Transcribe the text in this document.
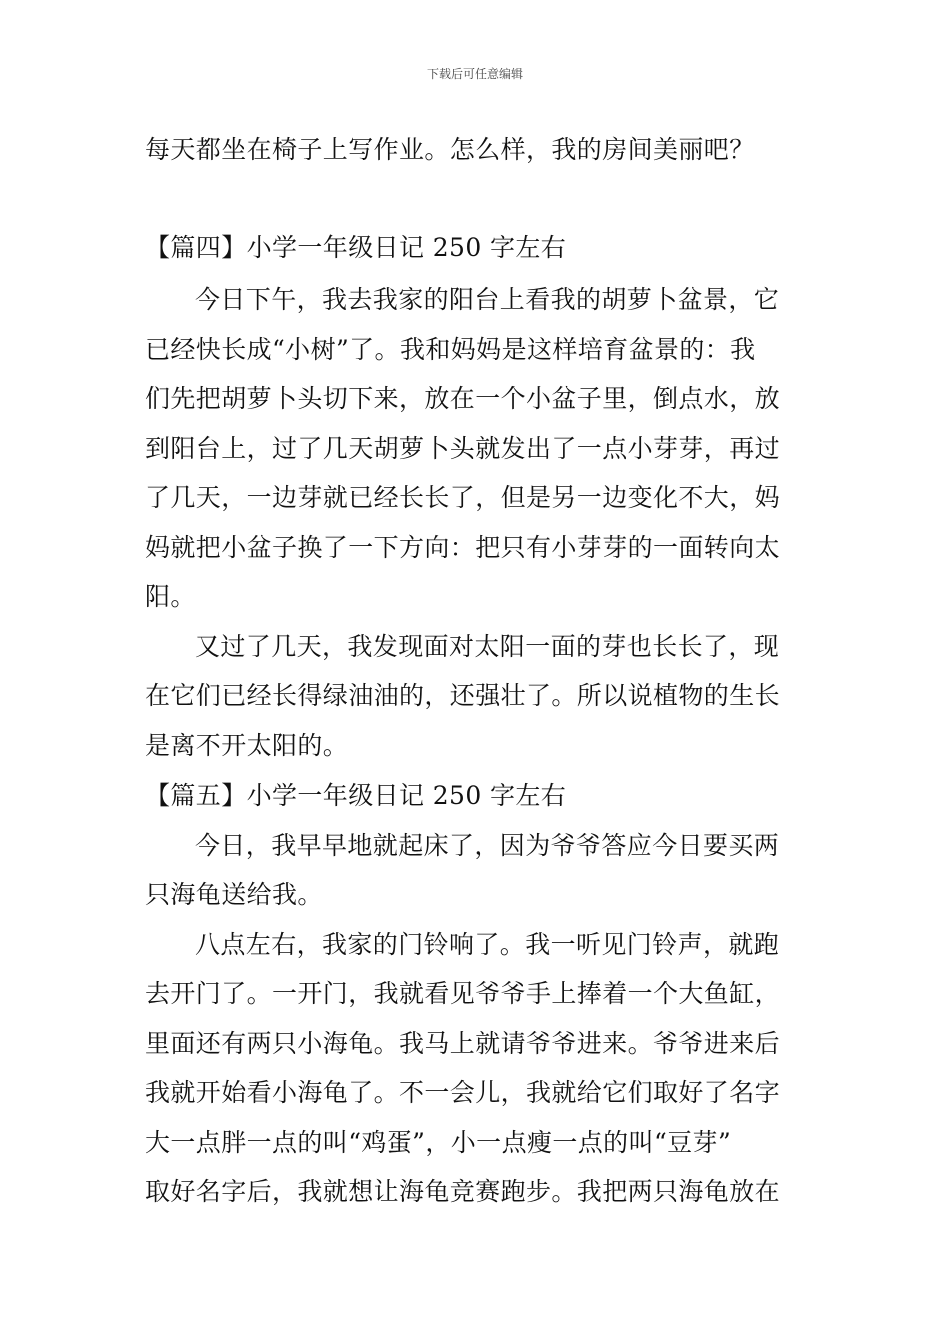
下载后可任意编辑
每天都坐在椅子上写作业。怎么样，我的房间美丽吧？
【篇四】小学一年级日记 250 字左右
今日下午，我去我家的阳台上看我的胡萝卜盆景，它
已经快长成“小树”了。我和妈妈是这样培育盆景的：我
们先把胡萝卜头切下来，放在一个小盆子里，倒点水，放
到阳台上，过了几天胡萝卜头就发出了一点小芽芽，再过
了几天，一边芽就已经长长了，但是另一边变化不大，妈
妈就把小盆子换了一下方向：把只有小芽芽的一面转向太
阳。
又过了几天，我发现面对太阳一面的芽也长长了，现
在它们已经长得绿油油的，还强壮了。所以说植物的生长
是离不开太阳的。
【篇五】小学一年级日记 250 字左右
今日，我早早地就起床了，因为爷爷答应今日要买两
只海龟送给我。
八点左右，我家的门铃响了。我一听见门铃声，就跑
去开门了。一开门，我就看见爷爷手上捧着一个大鱼缸，
里面还有两只小海龟。我马上就请爷爷进来。爷爷进来后
我就开始看小海龟了。不一会儿，我就给它们取好了名字
大一点胖一点的叫“鸡蛋”，小一点瘦一点的叫“豆芽”
取好名字后，我就想让海龟竞赛跑步。我把两只海龟放在
